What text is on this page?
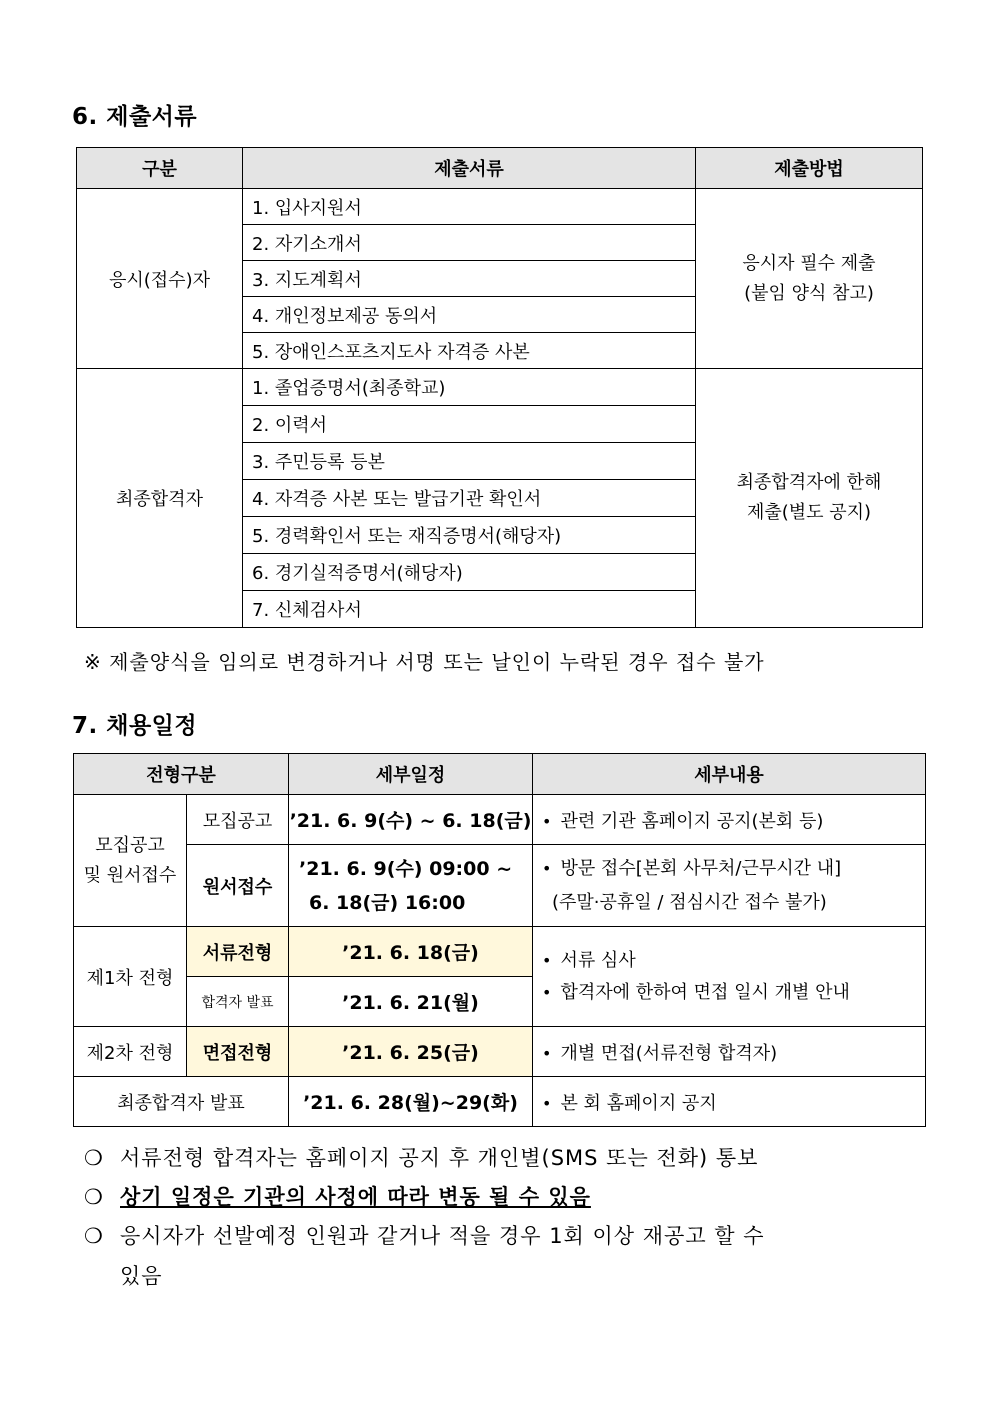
6. 제출서류
구분	제출서류	제출방법
응시(접수)자	1. 입사지원서	응시자 필수 제출
(붙임 양식 참고)

	2. 자기소개서	
	3. 지도계획서	
	4. 개인정보제공 동의서	
	5. 장애인스포츠지도사 자격증 사본	
최종합격자	1. 졸업증명서(최종학교)	최종합격자에 한해
제출(별도 공지)

	2. 이력서	
	3. 주민등록 등본	
	4. 자격증 사본 또는 발급기관 확인서	
	5. 경력확인서 또는 재직증명서(해당자)	
	6. 경기실적증명서(해당자)	
	7. 신체검사서	

※ 제출양식을 임의로 변경하거나 서명 또는 날인이 누락된 경우 접수 불가

7. 채용일정
전형구분		세부일정	세부내용

모집공고
및 원서접수	모집공고	’21. 6. 9(수) ~ 6. 18(금)	• 관련 기관 홈페이지 공지(본회 등)
	원서접수	’21. 6. 9(수) 09:00 ~
6. 18(금) 16:00	• 방문 접수[본회 사무처/근무시간 내]
(주말·공휴일 / 점심시간 접수 불가)

제1차 전형	서류전형	’21. 6. 18(금)	• 서류 심사
• 합격자에 한하여 면접 일시 개별 안내

	합격자 발표	’21. 6. 21(월)	
제2차 전형	면접전형	’21. 6. 25(금)	• 개별 면접(서류전형 합격자)
최종합격자 발표		’21. 6. 28(월)~29(화)	• 본 회 홈페이지 공지

❍ 서류전형 합격자는 홈페이지 공지 후 개인별(SMS 또는 전화) 통보

❍ 상기 일정은 기관의 사정에 따라 변동 될 수 있음

❍ 응시자가 선발예정 인원과 같거나 적을 경우 1회 이상 재공고 할 수

있음
